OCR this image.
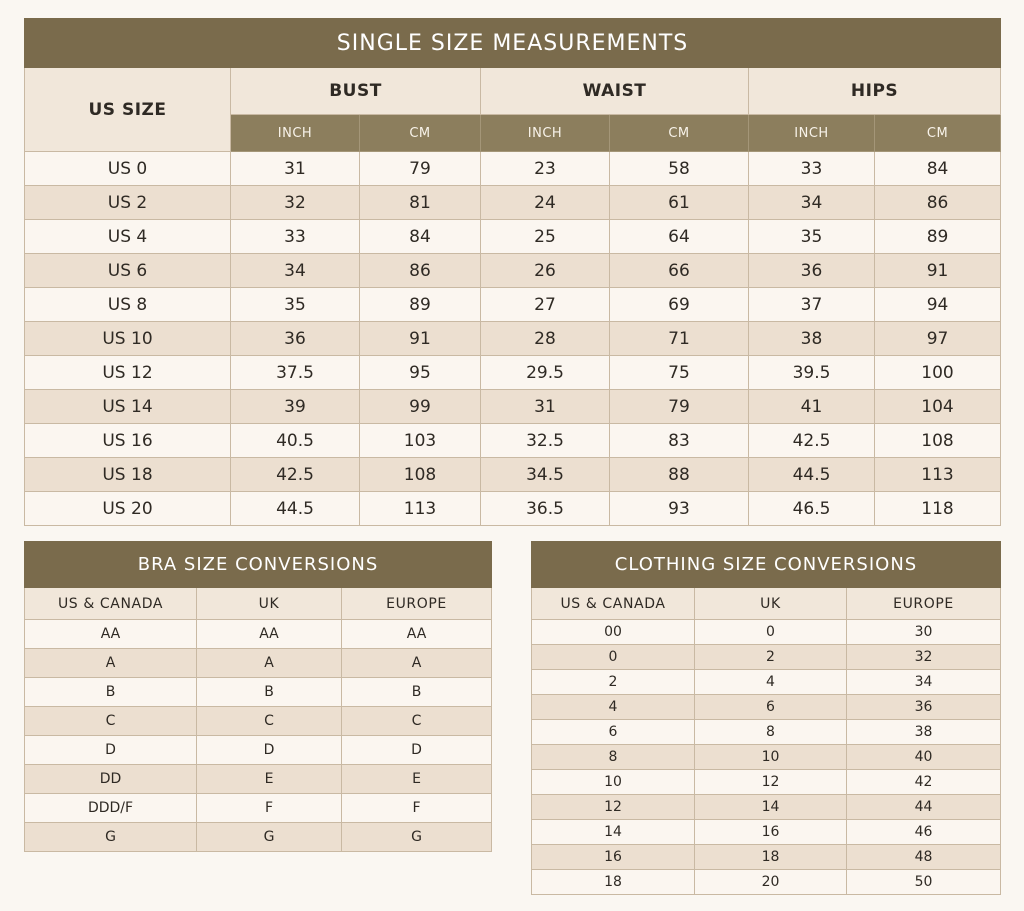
SINGLE SIZE MEASUREMENTS						
US SIZE	BUST		WAIST		HIPS	
	INCH	CM	INCH	CM	INCH	CM
US 0	31	79	23	58	33	84
US 2	32	81	24	61	34	86
US 4	33	84	25	64	35	89
US 6	34	86	26	66	36	91
US 8	35	89	27	69	37	94
US 10	36	91	28	71	38	97
US 12	37.5	95	29.5	75	39.5	100
US 14	39	99	31	79	41	104
US 16	40.5	103	32.5	83	42.5	108
US 18	42.5	108	34.5	88	44.5	113
US 20	44.5	113	36.5	93	46.5	118
BRA SIZE CONVERSIONS		
US & CANADA	UK	EUROPE
AA	AA	AA
A	A	A
B	B	B
C	C	C
D	D	D
DD	E	E
DDD/F	F	F
G	G	G
CLOTHING SIZE CONVERSIONS		
US & CANADA	UK	EUROPE
00	0	30
0	2	32
2	4	34
4	6	36
6	8	38
8	10	40
10	12	42
12	14	44
14	16	46
16	18	48
18	20	50
